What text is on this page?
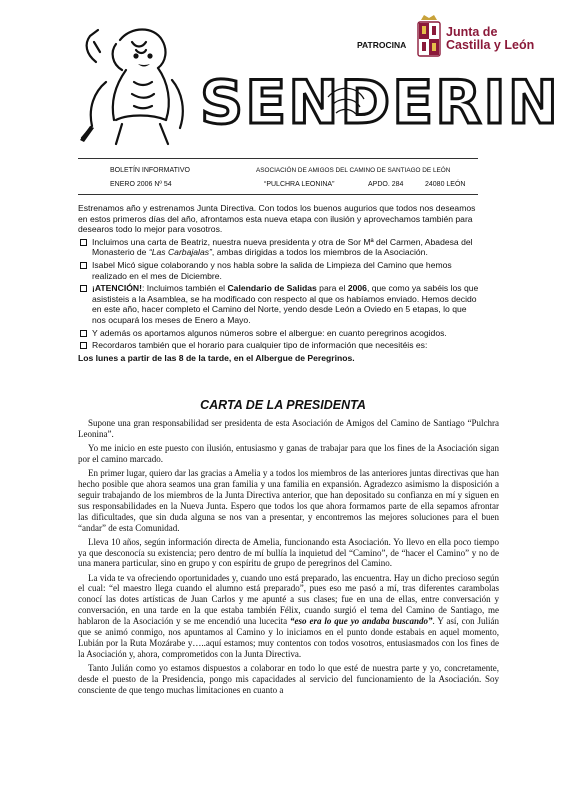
SENDERIN
PATROCINA
Junta de
Castilla y León
BOLETÍN INFORMATIVO	ASOCIACIÓN DE AMIGOS DEL CAMINO DE SANTIAGO DE LEÓN
ENERO 2006 Nº 54	“PULCHRA LEONINA”	APDO. 284	24080 LEÓN

Estrenamos año y estrenamos Junta Directiva. Con todos los buenos augurios que todos nos deseamos en estos primeros días del año, afrontamos esta nueva etapa con ilusión y aprovechamos también para desearos todo lo mejor para vosotros.

Incluimos una carta de Beatriz, nuestra nueva presidenta y otra de Sor Mª del Carmen, Abadesa del Monasterio de “Las Carbajalas”, ambas dirigidas a todos los miembros de la Asociación.
Isabel Micó sigue colaborando y nos habla sobre la salida de Limpieza del Camino que hemos realizado en el mes de Diciembre.
¡ATENCIÓN!: Incluimos también el Calendario de Salidas para el 2006, que como ya sabéis los que asististeis a la Asamblea, se ha modificado con respecto al que os habíamos enviado. Hemos decido en este año, hacer completo el Camino del Norte, yendo desde León a Oviedo en 5 etapas, lo que nos ocupará los meses de Enero a Mayo.
Y además os aportamos algunos números sobre el albergue: en cuanto peregrinos acogidos.
Recordaros también que el horario para cualquier tipo de información que necesitéis es:

Los lunes a partir de las 8 de la tarde, en el Albergue de Peregrinos.

CARTA DE LA PRESIDENTA

Supone una gran responsabilidad ser presidenta de esta Asociación de Amigos del Camino de Santiago “Pulchra Leonina”.

Yo me inicio en este puesto con ilusión, entusiasmo y ganas de trabajar para que los fines de la Asociación sigan por el camino marcado.

En primer lugar, quiero dar las gracias a Amelia y a todos los miembros de las anteriores juntas directivas que han hecho posible que ahora seamos una gran familia y una familia en expansión. Agradezco asimismo la disposición a seguir trabajando de los miembros de la Junta Directiva anterior, que han depositado su confianza en mí y siguen en sus responsabilidades en la Nueva Junta. Espero que todos los que ahora formamos parte de ella sepamos afrontar las dificultades, que sin duda alguna se nos van a presentar, y encontremos las mejores soluciones para el buen “andar” de esta Comunidad.

Lleva 10 años, según información directa de Amelia, funcionando esta Asociación. Yo llevo en ella poco tiempo ya que desconocía su existencia; pero dentro de mí bullía la inquietud del “Camino”, de “hacer el Camino” y no de una manera particular, sino en grupo y con espíritu de grupo de peregrinos del Camino.

La vida te va ofreciendo oportunidades y, cuando uno está preparado, las encuentra. Hay un dicho precioso según el cual: “el maestro llega cuando el alumno está preparado”, pues eso me pasó a mí, tras diferentes carambolas conocí las dotes artísticas de Juan Carlos y me apunté a sus clases; fue en una de ellas, entre conversación y conversación, en una tarde en la que estaba también Félix, cuando surgió el tema del Camino de Santiago, me hablaron de la Asociación y se me encendió una lucecita “eso era lo que yo andaba buscando”. Y así, con Julián que se animó conmigo, nos apuntamos al Camino y lo iniciamos en el punto donde estabais en aquel momento, Lubián por la Ruta Mozárabe y…..aquí estamos; muy contentos con todos vosotros, entusiasmados con los fines de la Asociación y, ahora, comprometidos con la Junta Directiva.

Tanto Julián como yo estamos dispuestos a colaborar en todo lo que esté de nuestra parte y yo, concretamente, desde el puesto de la Presidencia, pongo mis capacidades al servicio del funcionamiento de la Asociación. Soy consciente de que tengo muchas limitaciones en cuanto a
